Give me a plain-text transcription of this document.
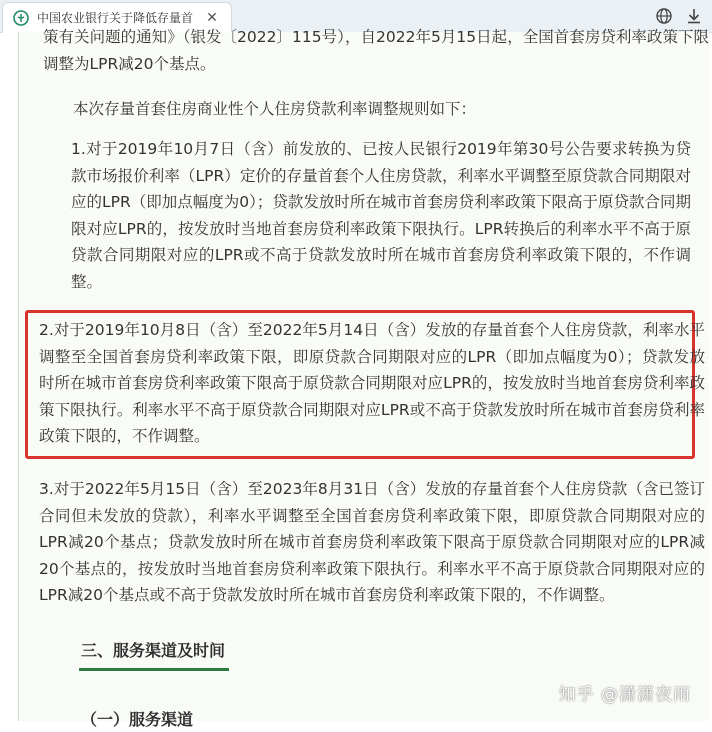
中国农业银行关于降低存量首 ✕
策有关问题的通知》（银发〔2022〕115号），自2022年5月15日起，全国首套房贷利率政策下限调整为LPR减20个基点。
本次存量首套住房商业性个人住房贷款利率调整规则如下：
1.对于2019年10月7日（含）前发放的、已按人民银行2019年第30号公告要求转换为贷款市场报价利率（LPR）定价的存量首套个人住房贷款，利率水平调整至原贷款合同期限对应的LPR（即加点幅度为0）；贷款发放时所在城市首套房贷利率政策下限高于原贷款合同期限对应LPR的，按发放时当地首套房贷利率政策下限执行。LPR转换后的利率水平不高于原贷款合同期限对应的LPR或不高于贷款发放时所在城市首套房贷利率政策下限的，不作调整。
2.对于2019年10月8日（含）至2022年5月14日（含）发放的存量首套个人住房贷款，利率水平调整至全国首套房贷利率政策下限，即原贷款合同期限对应的LPR（即加点幅度为0）；贷款发放时所在城市首套房贷利率政策下限高于原贷款合同期限对应LPR的，按发放时当地首套房贷利率政策下限执行。利率水平不高于原贷款合同期限对应LPR或不高于贷款发放时所在城市首套房贷利率政策下限的，不作调整。
3.对于2022年5月15日（含）至2023年8月31日（含）发放的存量首套个人住房贷款（含已签订合同但未发放的贷款），利率水平调整至全国首套房贷利率政策下限，即原贷款合同期限对应的LPR减20个基点；贷款发放时所在城市首套房贷利率政策下限高于原贷款合同期限对应的LPR减20个基点的，按发放时当地首套房贷利率政策下限执行。利率水平不高于原贷款合同期限对应的LPR减20个基点或不高于贷款发放时所在城市首套房贷利率政策下限的，不作调整。
三、服务渠道及时间
（一）服务渠道
知乎 @潇潇夜雨
